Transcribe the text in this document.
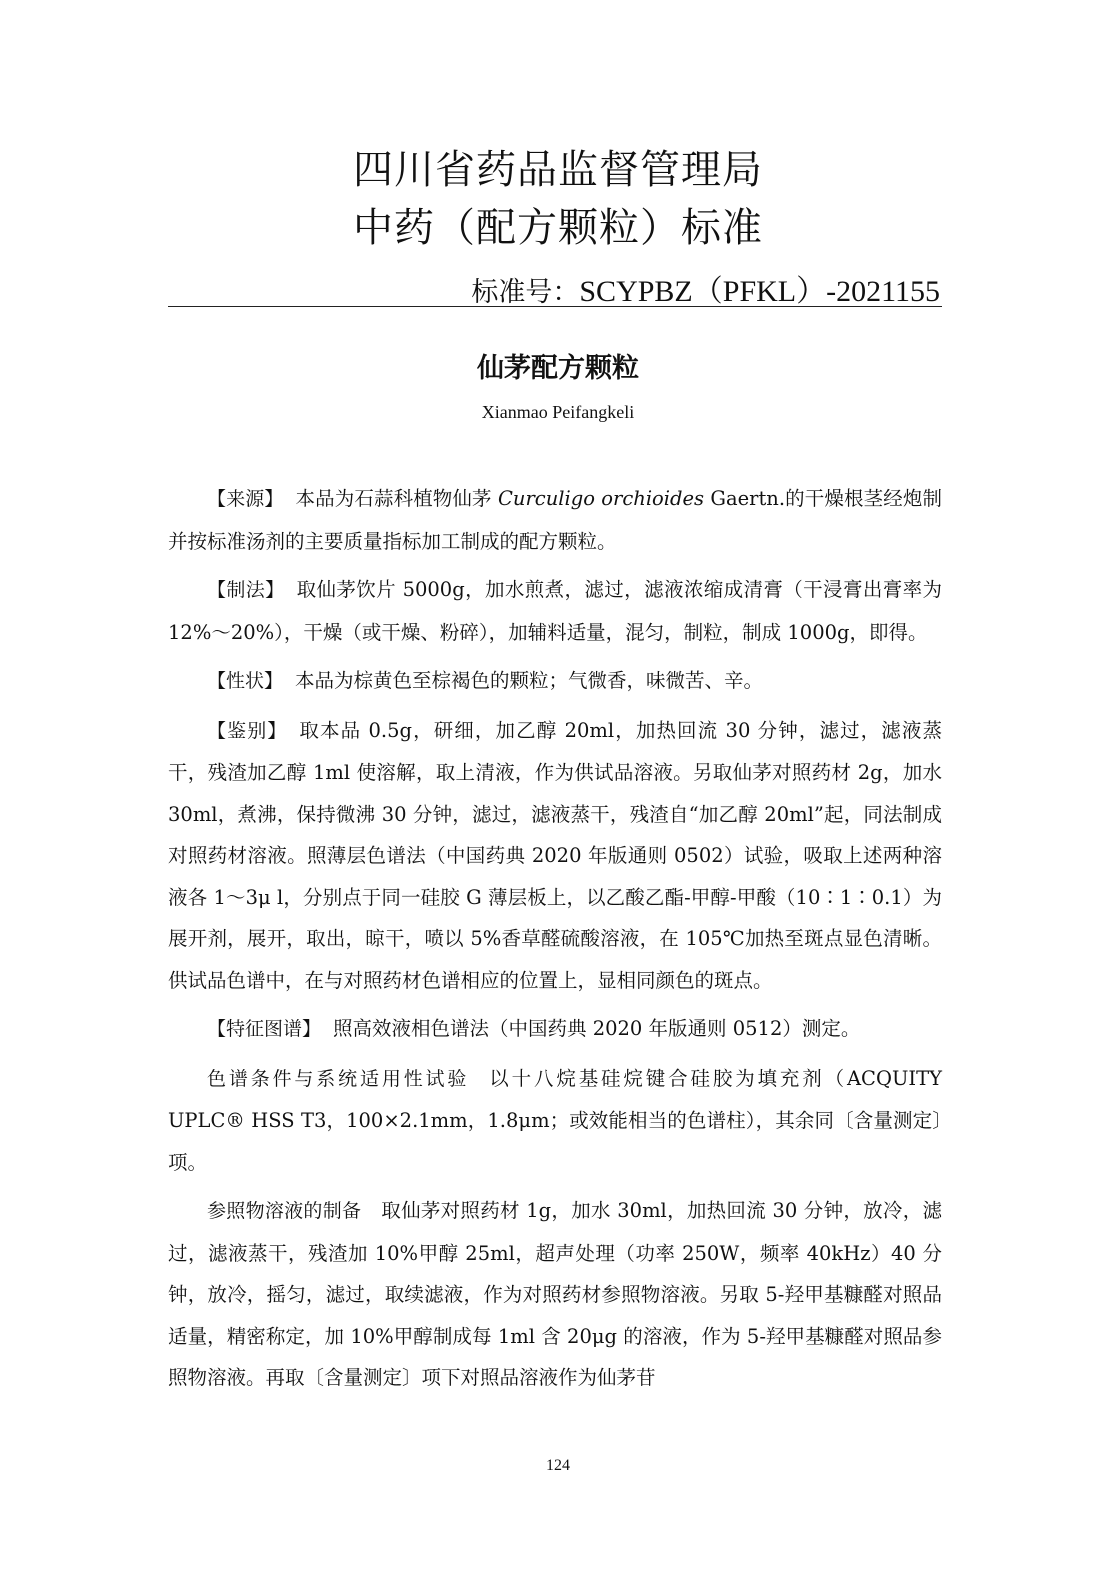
四川省药品监督管理局
中药（配方颗粒）标准
标准号：SCYPBZ（PFKL）-2021155
仙茅配方颗粒
Xianmao Peifangkeli

【来源】 本品为石蒜科植物仙茅 Curculigo orchioides Gaertn.的干燥根茎经炮制并按标准汤剂的主要质量指标加工制成的配方颗粒。

【制法】 取仙茅饮片 5000g，加水煎煮，滤过，滤液浓缩成清膏（干浸膏出膏率为 12%～20%），干燥（或干燥、粉碎），加辅料适量，混匀，制粒，制成 1000g，即得。

【性状】 本品为棕黄色至棕褐色的颗粒；气微香，味微苦、辛。

【鉴别】 取本品 0.5g，研细，加乙醇 20ml，加热回流 30 分钟，滤过，滤液蒸干，残渣加乙醇 1ml 使溶解，取上清液，作为供试品溶液。另取仙茅对照药材 2g，加水 30ml，煮沸，保持微沸 30 分钟，滤过，滤液蒸干，残渣自“加乙醇 20ml”起，同法制成对照药材溶液。照薄层色谱法（中国药典 2020 年版通则 0502）试验，吸取上述两种溶液各 1～3μ l，分别点于同一硅胶 G 薄层板上，以乙酸乙酯-甲醇-甲酸（10∶1∶0.1）为展开剂，展开，取出，晾干，喷以 5%香草醛硫酸溶液，在 105℃加热至斑点显色清晰。供试品色谱中，在与对照药材色谱相应的位置上，显相同颜色的斑点。

【特征图谱】 照高效液相色谱法（中国药典 2020 年版通则 0512）测定。

色谱条件与系统适用性试验 以十八烷基硅烷键合硅胶为填充剂（ACQUITY UPLC® HSS T3，100×2.1mm，1.8μm；或效能相当的色谱柱），其余同〔含量测定〕项。

参照物溶液的制备 取仙茅对照药材 1g，加水 30ml，加热回流 30 分钟，放冷，滤过，滤液蒸干，残渣加 10%甲醇 25ml，超声处理（功率 250W，频率 40kHz）40 分钟，放冷，摇匀，滤过，取续滤液，作为对照药材参照物溶液。另取 5-羟甲基糠醛对照品适量，精密称定，加 10%甲醇制成每 1ml 含 20μg 的溶液，作为 5-羟甲基糠醛对照品参照物溶液。再取〔含量测定〕项下对照品溶液作为仙茅苷

124
